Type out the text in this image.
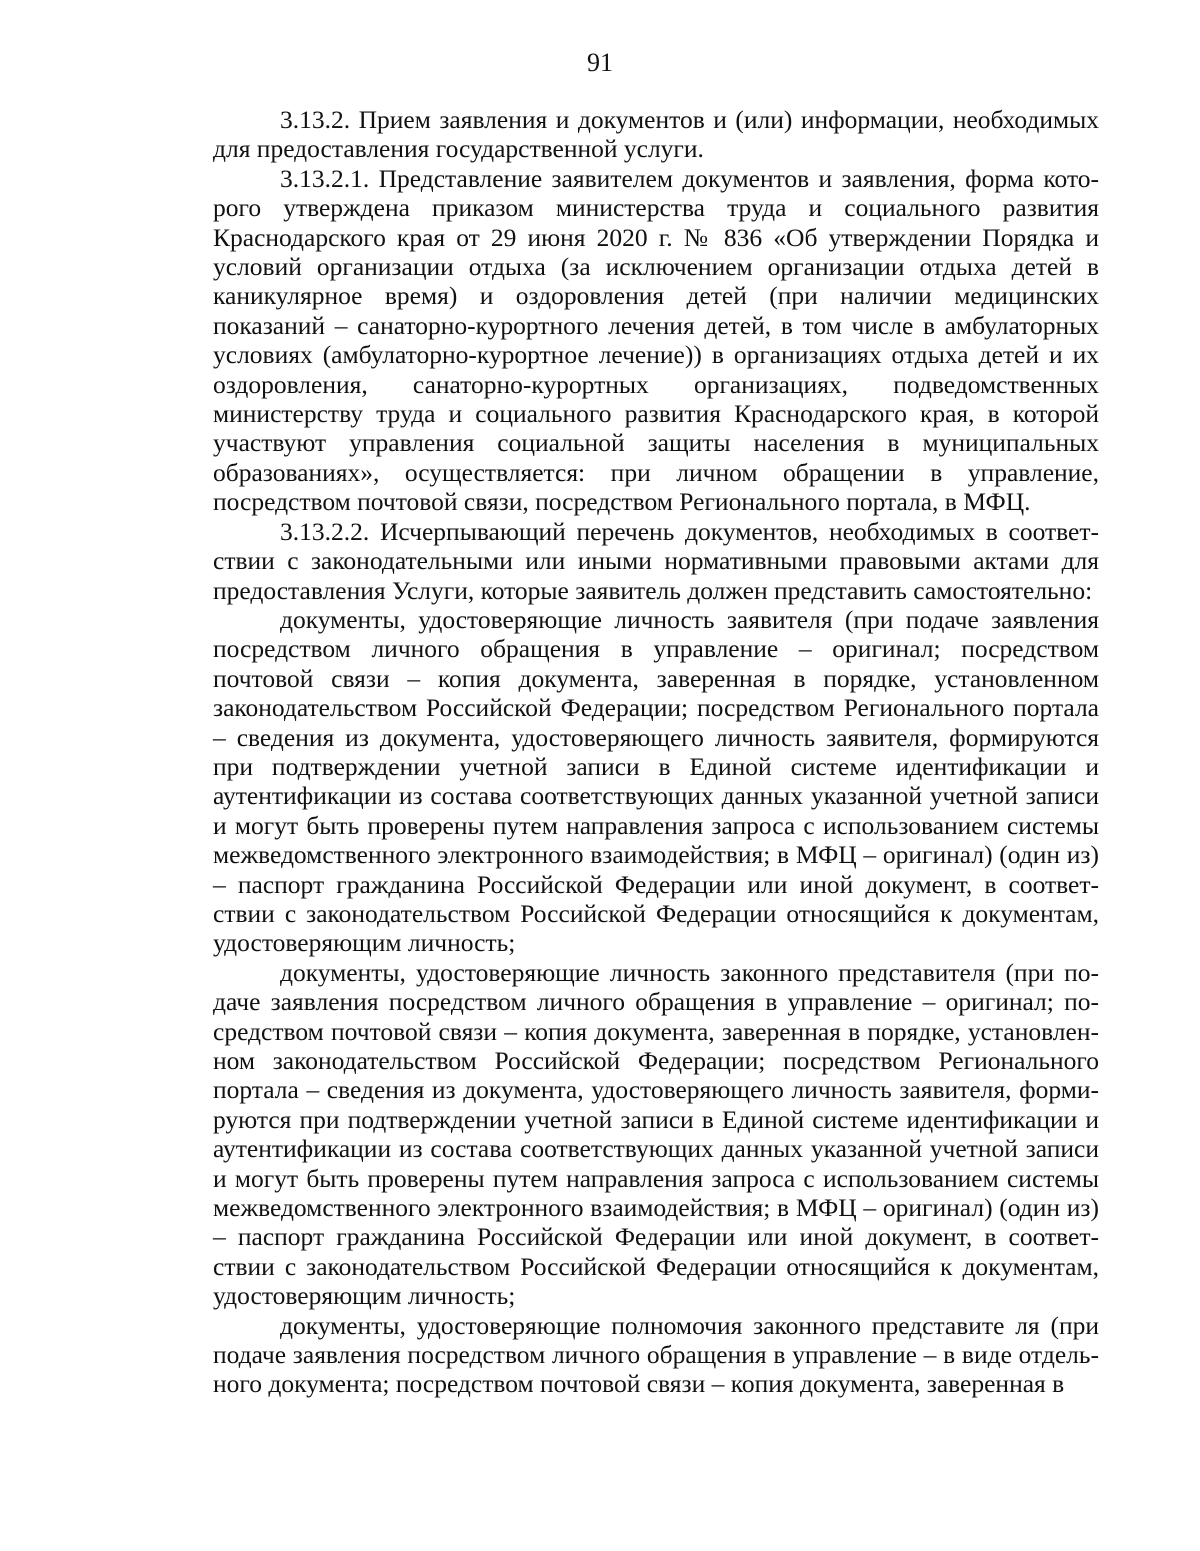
91

3.13.2. Прием заявления и документов и (или) информации, необходимых для предоставления государственной услуги.

3.13.2.1. Представление заявителем документов и заявления, форма которого утверждена приказом министерства труда и социального развития Краснодарского края от 29 июня 2020 г. № 836 «Об утверждении Порядка и условий организации отдыха (за исключением организации отдыха детей в каникулярное время) и оздоровления детей (при наличии медицинских показаний – санаторно-курортного лечения детей, в том числе в амбулаторных условиях (амбулаторно-курортное лечение)) в организациях отдыха детей и их оздоровления, санаторно-курортных организациях, подведомственных министерству труда и социального развития Краснодарского края, в которой участвуют управления социальной защиты населения в муниципальных образованиях», осуществляется: при личном обращении в управление, посредством почтовой связи, посредством Регионального портала, в МФЦ.

3.13.2.2. Исчерпывающий перечень документов, необходимых в соответствии с законодательными или иными нормативными правовыми актами для предоставления Услуги, которые заявитель должен представить самостоятельно:

документы, удостоверяющие личность заявителя (при подаче заявления посредством личного обращения в управление – оригинал; посредством почтовой связи – копия документа, заверенная в порядке, установленном законодательством Российской Федерации; посредством Регионального портала – сведения из документа, удостоверяющего личность заявителя, формируются при подтверждении учетной записи в Единой системе идентификации и аутентификации из состава соответствующих данных указанной учетной записи и могут быть проверены путем направления запроса с использованием системы межведомственного электронного взаимодействия; в МФЦ – оригинал) (один из) – паспорт гражданина Российской Федерации или иной документ, в соответствии с законодательством Российской Федерации относящийся к документам, удостоверяющим личность;

документы, удостоверяющие личность законного представителя (при подаче заявления посредством личного обращения в управление – оригинал; посредством почтовой связи – копия документа, заверенная в порядке, установленном законодательством Российской Федерации; посредством Регионального портала – сведения из документа, удостоверяющего личность заявителя, формируются при подтверждении учетной записи в Единой системе идентификации и аутентификации из состава соответствующих данных указанной учетной записи и могут быть проверены путем направления запроса с использованием системы межведомственного электронного взаимодействия; в МФЦ – оригинал) (один из) – паспорт гражданина Российской Федерации или иной документ, в соответствии с законодательством Российской Федерации относящийся к документам, удостоверяющим личность;

документы, удостоверяющие полномочия законного представите ля (при подаче заявления посредством личного обращения в управление – в виде отдельного документа; посредством почтовой связи – копия документа, заверенная в
